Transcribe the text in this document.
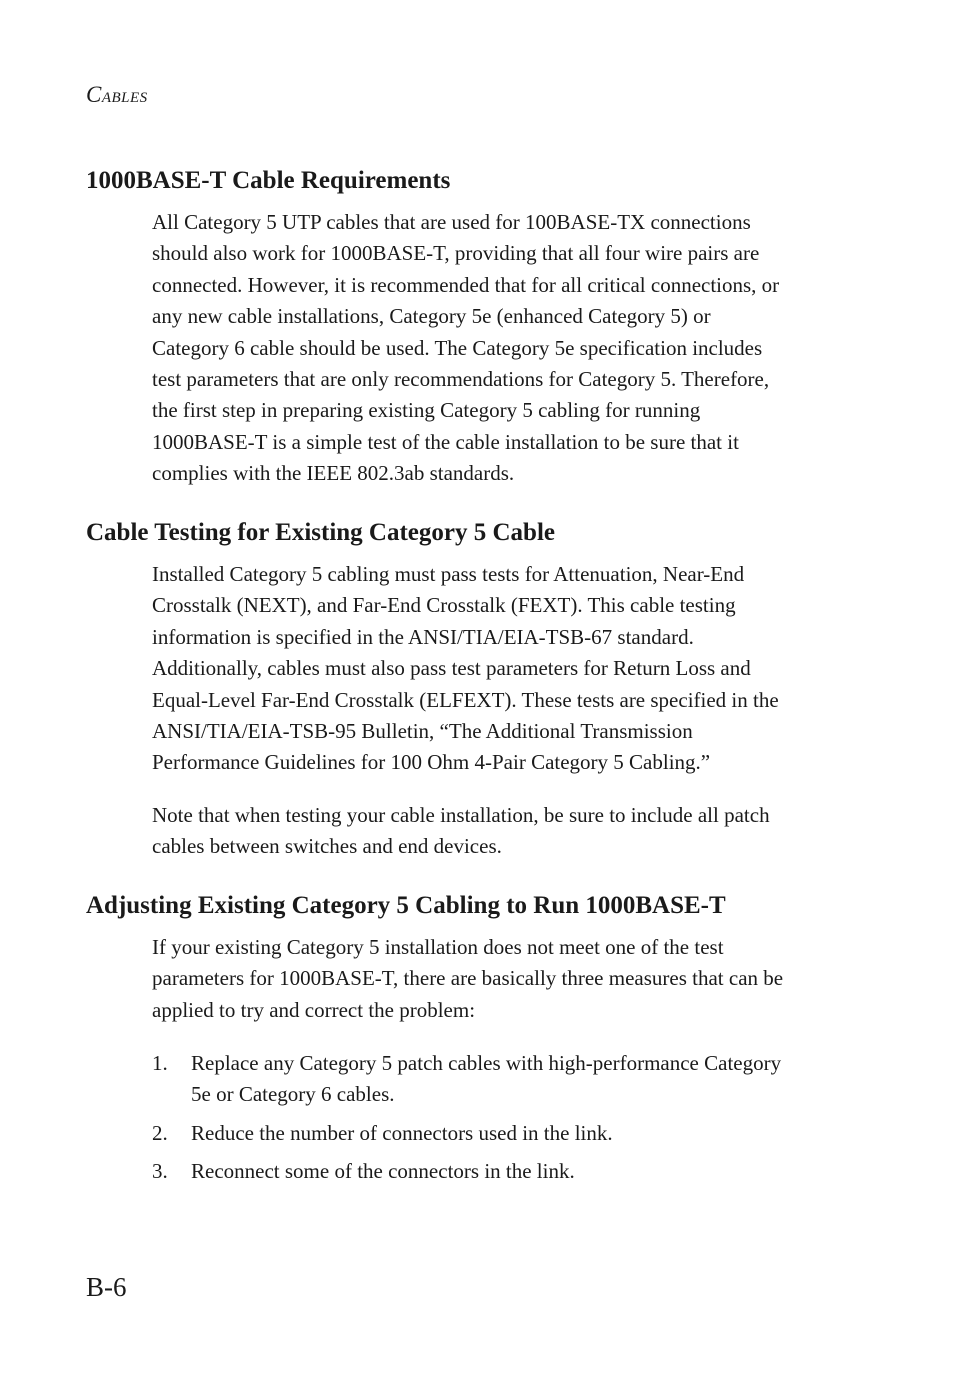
CABLES
1000BASE-T Cable Requirements
All Category 5 UTP cables that are used for 100BASE-TX connections
should also work for 1000BASE-T, providing that all four wire pairs are
connected. However, it is recommended that for all critical connections, or
any new cable installations, Category 5e (enhanced Category 5) or
Category 6 cable should be used. The Category 5e specification includes
test parameters that are only recommendations for Category 5. Therefore,
the first step in preparing existing Category 5 cabling for running
1000BASE-T is a simple test of the cable installation to be sure that it
complies with the IEEE 802.3ab standards.
Cable Testing for Existing Category 5 Cable
Installed Category 5 cabling must pass tests for Attenuation, Near-End
Crosstalk (NEXT), and Far-End Crosstalk (FEXT). This cable testing
information is specified in the ANSI/TIA/EIA-TSB-67 standard.
Additionally, cables must also pass test parameters for Return Loss and
Equal-Level Far-End Crosstalk (ELFEXT). These tests are specified in the
ANSI/TIA/EIA-TSB-95 Bulletin, “The Additional Transmission
Performance Guidelines for 100 Ohm 4-Pair Category 5 Cabling.”
Note that when testing your cable installation, be sure to include all patch
cables between switches and end devices.
Adjusting Existing Category 5 Cabling to Run 1000BASE-T
If your existing Category 5 installation does not meet one of the test
parameters for 1000BASE-T, there are basically three measures that can be
applied to try and correct the problem:
1. Replace any Category 5 patch cables with high-performance Category
5e or Category 6 cables.
2. Reduce the number of connectors used in the link.
3. Reconnect some of the connectors in the link.
B-6
